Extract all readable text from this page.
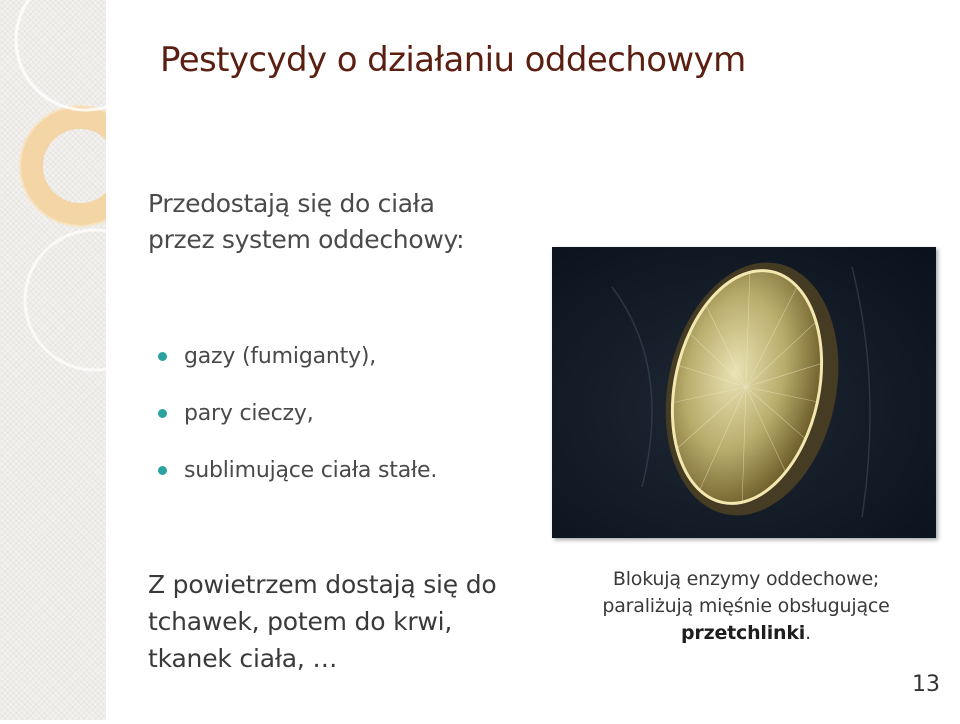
Pestycydy o działaniu oddechowym
Przedostają się do ciała
przez system oddechowy:
gazy (fumiganty),
pary cieczy,
sublimujące ciała stałe.
Z powietrzem dostają się do
tchawek, potem do krwi,
tkanek ciała, …
Blokują enzymy oddechowe;
paraliżują mięśnie obsługujące
przetchlinki.
13
